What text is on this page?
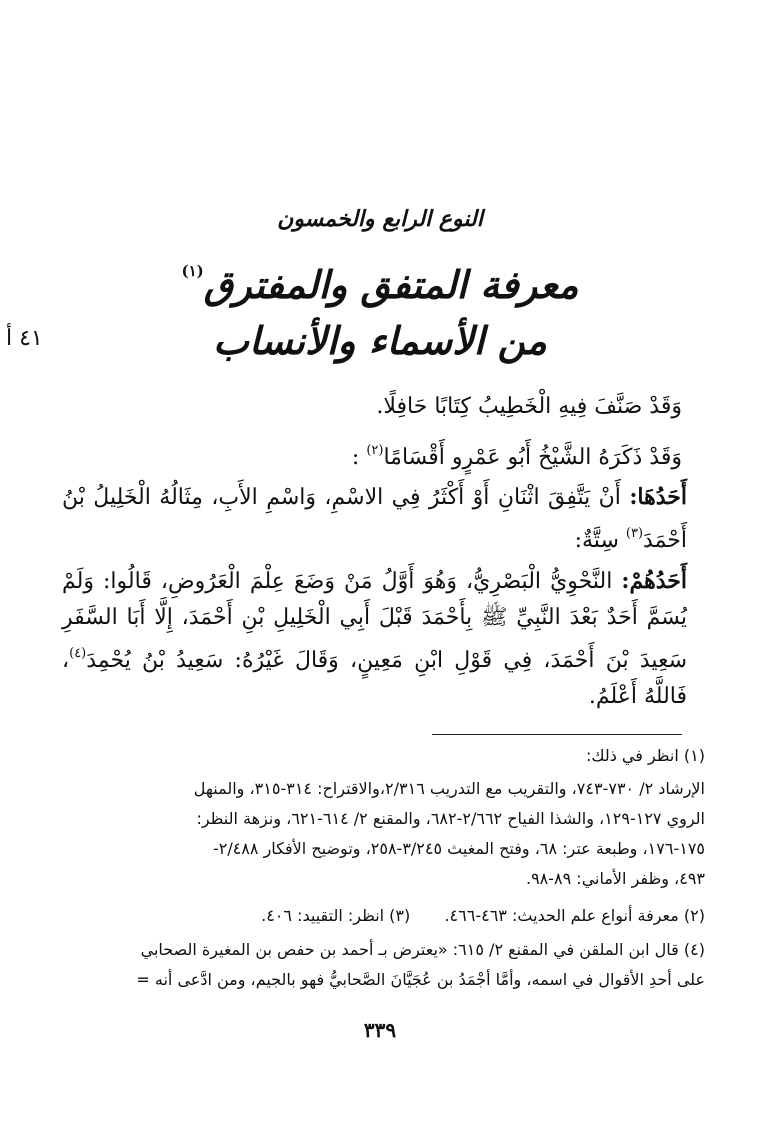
٤١ أ
النوع الرابع والخمسون
معرفة المتفق والمفترق$^{(١)}$
من الأسماء والأنساب
وَقَدْ صَنَّفَ فِيهِ الْخَطِيبُ كِتَابًا حَافِلًا.
وَقَدْ ذَكَرَهُ الشَّيْخُ أَبُو عَمْرٍو أَقْسَامًا$^{(٢)}$ :
أَحَدُهَا: أَنْ يَتَّفِقَ اثْنَانِ أَوْ أَكْثَرُ فِي الاسْمِ، وَاسْمِ الأَبِ، مِثَالُهُ الْخَلِيلُ بْنُ أَحْمَدَ$^{(٣)}$ سِتَّةٌ:
أَحَدُهُمْ: النَّحْوِيُّ الْبَصْرِيُّ، وَهُوَ أَوَّلُ مَنْ وَضَعَ عِلْمَ الْعَرُوضِ، قَالُوا: وَلَمْ يُسَمَّ أَحَدٌ بَعْدَ النَّبِيِّ ﷺ بِأَحْمَدَ قَبْلَ أَبِي الْخَلِيلِ بْنِ أَحْمَدَ، إِلَّا أَبَا السَّفَرِ سَعِيدَ بْنَ أَحْمَدَ، فِي قَوْلِ ابْنِ مَعِينٍ، وَقَالَ غَيْرُهُ: سَعِيدُ بْنُ يُحْمِدَ$^{(٤)}$، فَاللَّهُ أَعْلَمُ.
(١) انظر في ذلك:
الإرشاد ٢/ ٧٣٠-٧٤٣، والتقريب مع التدريب ٢/٣١٦،والاقتراح: ٣١٤-٣١٥، والمنهل
الروي ١٢٧-١٢٩، والشذا الفياح ٢/٦٦٢-٦٨٢، والمقنع ٢/ ٦١٤-٦٢١، ونزهة النظر:
١٧٥-١٧٦، وطبعة عتر: ٦٨، وفتح المغيث ٣/٢٤٥-٢٥٨، وتوضيح الأفكار ٢/٤٨٨-
٤٩٣، وظفر الأماني: ٨٩-٩٨.
(٢) معرفة أنواع علم الحديث: ٤٦٣-٤٦٦.  (٣) انظر: التقييد: ٤٠٦.
(٤) قال ابن الملقن في المقنع ٢/ ٦١٥: «يعترض بـ أحمد بن حفص بن المغيرة الصحابي
على أحدِ الأقوال في اسمه، وأمَّا أجْمَدُ بن عُجَيَّانَ الصَّحابيُّ فهو بالجيم، ومن ادَّعى أنه =
٣٣٩
